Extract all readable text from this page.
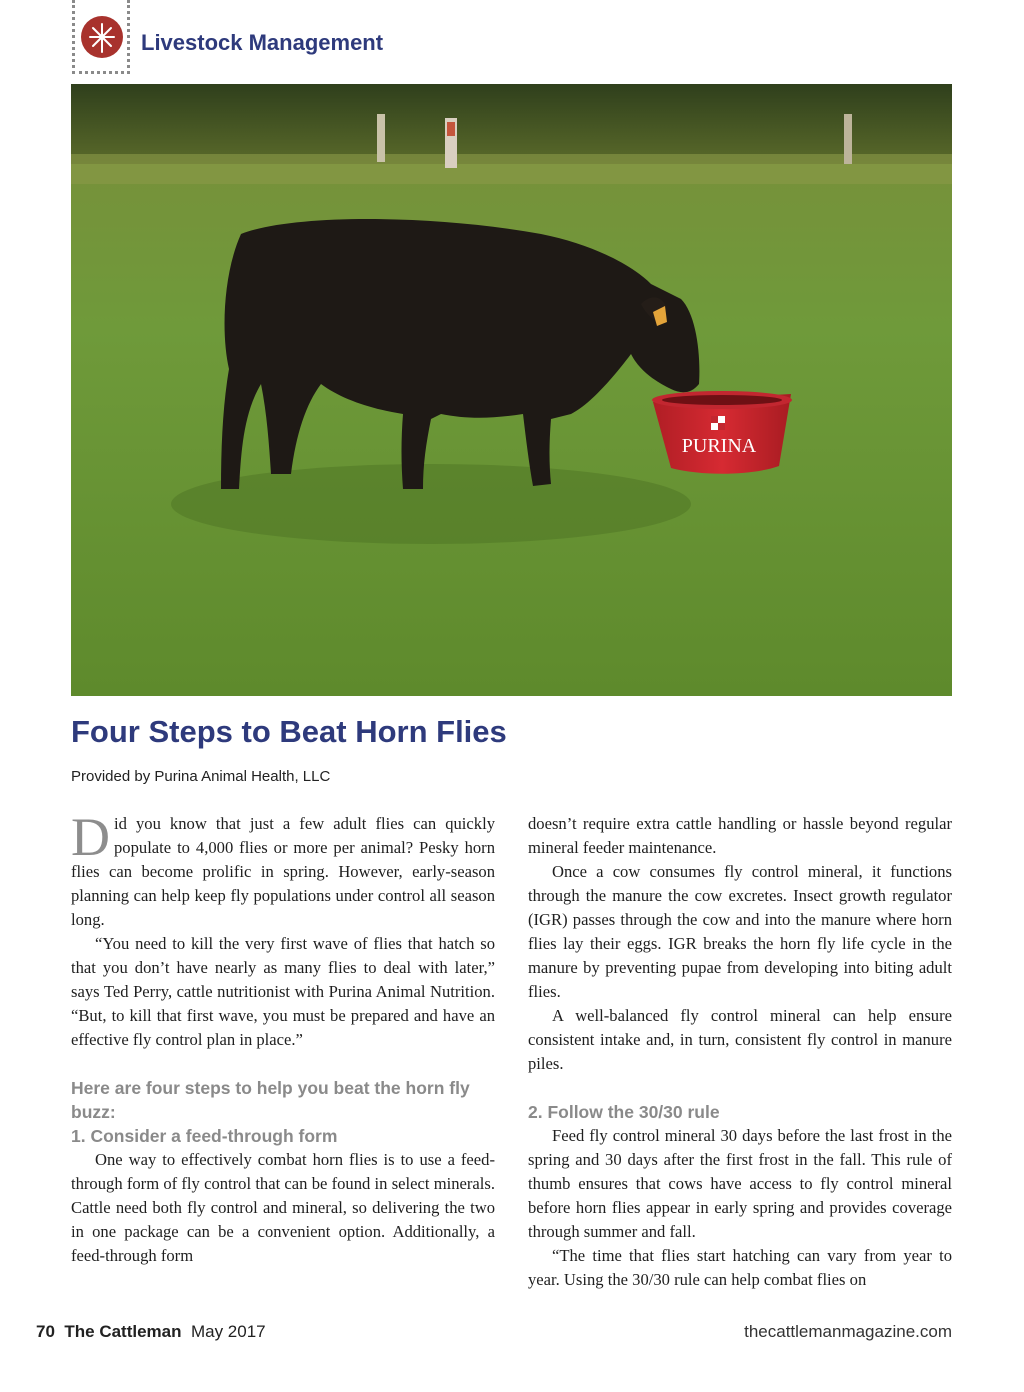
Livestock Management
PURINA
Four Steps to Beat Horn Flies
Provided by Purina Animal Health, LLC

Did you know that just a few adult flies can quickly populate to 4,000 flies or more per animal? Pesky horn flies can become prolific in spring. However, early-season planning can help keep fly populations under control all season long.

“You need to kill the very first wave of flies that hatch so that you don’t have nearly as many flies to deal with later,” says Ted Perry, cattle nutritionist with Purina Animal Nutrition. “But, to kill that first wave, you must be prepared and have an effective fly control plan in place.”

Here are four steps to help you beat the horn fly buzz:
1. Consider a feed-through form

One way to effectively combat horn flies is to use a feed-through form of fly control that can be found in select minerals. Cattle need both fly control and mineral, so delivering the two in one package can be a convenient option. Additionally, a feed-through form

doesn’t require extra cattle handling or hassle beyond regular mineral feeder maintenance.

Once a cow consumes fly control mineral, it functions through the manure the cow excretes. Insect growth regulator (IGR) passes through the cow and into the manure where horn flies lay their eggs. IGR breaks the horn fly life cycle in the manure by preventing pupae from developing into biting adult flies.

A well-balanced fly control mineral can help ensure consistent intake and, in turn, consistent fly control in manure piles.

2. Follow the 30/30 rule

Feed fly control mineral 30 days before the last frost in the spring and 30 days after the first frost in the fall. This rule of thumb ensures that cows have access to fly control mineral before horn flies appear in early spring and provides coverage through summer and fall.

“The time that flies start hatching can vary from year to year. Using the 30/30 rule can help combat flies on

70 The Cattleman May 2017	thecattlemanmagazine.com
